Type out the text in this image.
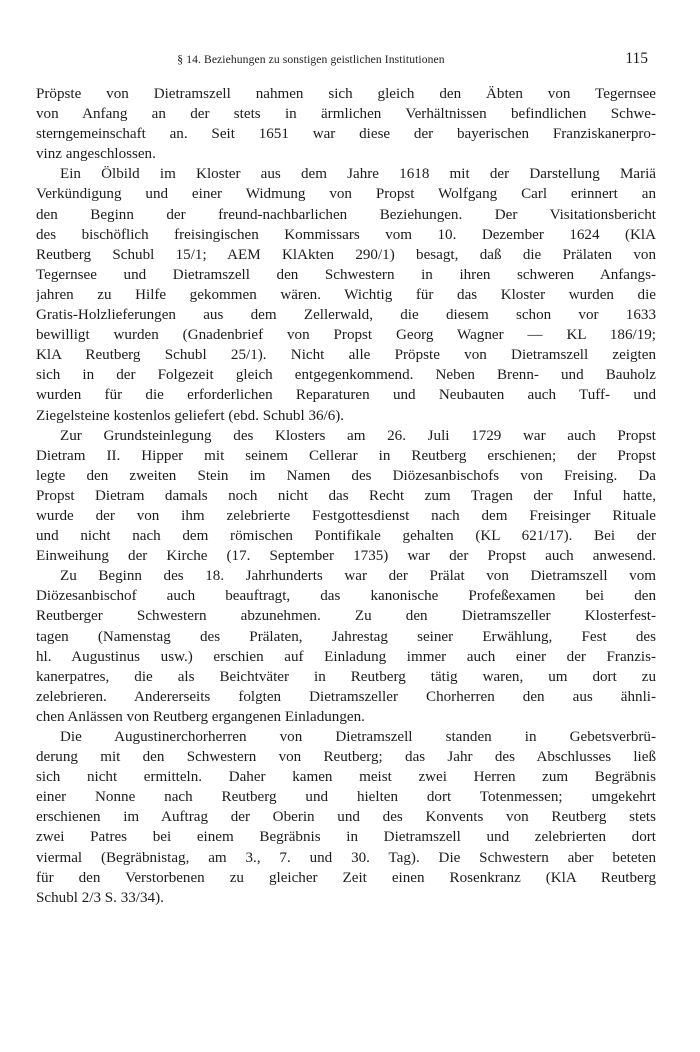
§ 14. Beziehungen zu sonstigen geistlichen Institutionen	115
Pröpste von Dietramszell nahmen sich gleich den Äbten von Tegernsee
von Anfang an der stets in ärmlichen Verhältnissen befindlichen Schwe-
sterngemeinschaft an. Seit 1651 war diese der bayerischen Franziskanerpro-
vinz angeschlossen.
Ein Ölbild im Kloster aus dem Jahre 1618 mit der Darstellung Mariä
Verkündigung und einer Widmung von Propst Wolfgang Carl erinnert an
den Beginn der freund-nachbarlichen Beziehungen. Der Visitationsbericht
des bischöflich freisingischen Kommissars vom 10. Dezember 1624 (KlA
Reutberg Schubl 15/1; AEM KlAkten 290/1) besagt, daß die Prälaten von
Tegernsee und Dietramszell den Schwestern in ihren schweren Anfangs-
jahren zu Hilfe gekommen wären. Wichtig für das Kloster wurden die
Gratis-Holzlieferungen aus dem Zellerwald, die diesem schon vor 1633
bewilligt wurden (Gnadenbrief von Propst Georg Wagner — KL 186/19;
KlA Reutberg Schubl 25/1). Nicht alle Pröpste von Dietramszell zeigten
sich in der Folgezeit gleich entgegenkommend. Neben Brenn- und Bauholz
wurden für die erforderlichen Reparaturen und Neubauten auch Tuff- und
Ziegelsteine kostenlos geliefert (ebd. Schubl 36/6).
Zur Grundsteinlegung des Klosters am 26. Juli 1729 war auch Propst
Dietram II. Hipper mit seinem Cellerar in Reutberg erschienen; der Propst
legte den zweiten Stein im Namen des Diözesanbischofs von Freising. Da
Propst Dietram damals noch nicht das Recht zum Tragen der Inful hatte,
wurde der von ihm zelebrierte Festgottesdienst nach dem Freisinger Rituale
und nicht nach dem römischen Pontifikale gehalten (KL 621/17). Bei der
Einweihung der Kirche (17. September 1735) war der Propst auch anwesend.
Zu Beginn des 18. Jahrhunderts war der Prälat von Dietramszell vom
Diözesanbischof auch beauftragt, das kanonische Profeßexamen bei den
Reutberger Schwestern abzunehmen. Zu den Dietramszeller Klosterfest-
tagen (Namenstag des Prälaten, Jahrestag seiner Erwählung, Fest des
hl. Augustinus usw.) erschien auf Einladung immer auch einer der Franzis-
kanerpatres, die als Beichtväter in Reutberg tätig waren, um dort zu
zelebrieren. Andererseits folgten Dietramszeller Chorherren den aus ähnli-
chen Anlässen von Reutberg ergangenen Einladungen.
Die Augustinerchorherren von Dietramszell standen in Gebetsverbrü-
derung mit den Schwestern von Reutberg; das Jahr des Abschlusses ließ
sich nicht ermitteln. Daher kamen meist zwei Herren zum Begräbnis
einer Nonne nach Reutberg und hielten dort Totenmessen; umgekehrt
erschienen im Auftrag der Oberin und des Konvents von Reutberg stets
zwei Patres bei einem Begräbnis in Dietramszell und zelebrierten dort
viermal (Begräbnistag, am 3., 7. und 30. Tag). Die Schwestern aber beteten
für den Verstorbenen zu gleicher Zeit einen Rosenkranz (KlA Reutberg
Schubl 2/3 S. 33/34).
